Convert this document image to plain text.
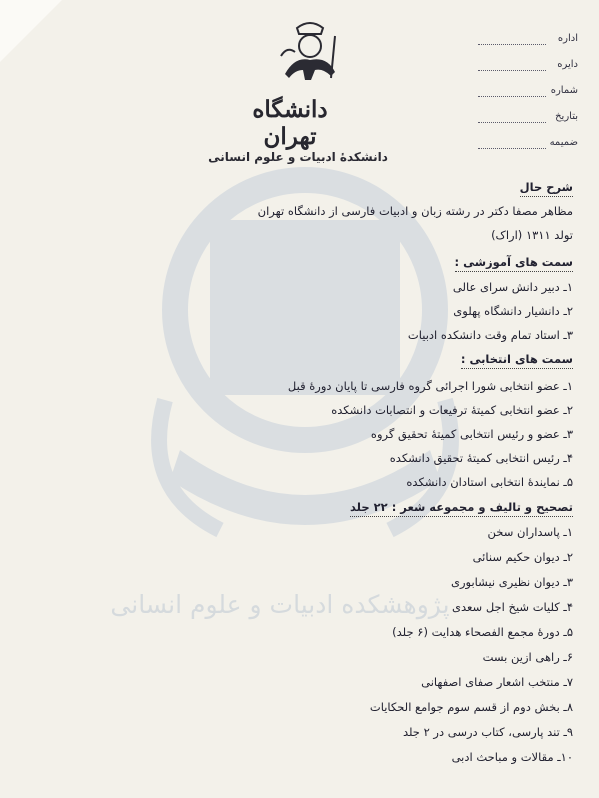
پژوهشکده ادبیات و علوم انسانی
دانشگاه تهران
دانشکدهٔ ادبیات و علوم انسانی
اداره
دایره
شماره
بتاریخ
ضمیمه
شرح حال
مظاهر مصفا دکتر در رشته زبان و ادبیات فارسی از دانشگاه تهران
تولد ۱۳۱۱ (اراک)
سمت های آموزشی :
۱ـ دبیر دانش سرای عالی
۲ـ دانشیار دانشگاه پهلوی
۳ـ استاد تمام وقت دانشکده ادبیات
سمت های انتخابی :
۱ـ عضو انتخابی شورا اجرائی گروه فارسی تا پایان دورهٔ قبل
۲ـ عضو انتخابی کمیتهٔ ترفیعات و انتصابات دانشکده
۳ـ عضو و رئیس انتخابی کمیتهٔ تحقیق گروه
۴ـ رئیس انتخابی کمیتهٔ تحقیق دانشکده
۵ـ نمایندهٔ انتخابی استادان دانشکده
تصحیح و تالیف و مجموعه شعر : ۲۲ جلد
۱ـ پاسداران سخن
۲ـ دیوان حکیم سنائی
۳ـ دیوان نظیری نیشابوری
۴ـ کلیات شیخ اجل سعدی
۵ـ دورهٔ مجمع الفصحاء هدایت (۶ جلد)
۶ـ راهی ازین بست
۷ـ منتخب اشعار صفای اصفهانی
۸ـ بخش دوم از قسم سوم جوامع الحکایات
۹ـ تند پارسی، کتاب درسی در ۲ جلد
۱۰ـ مقالات و مباحث ادبی
